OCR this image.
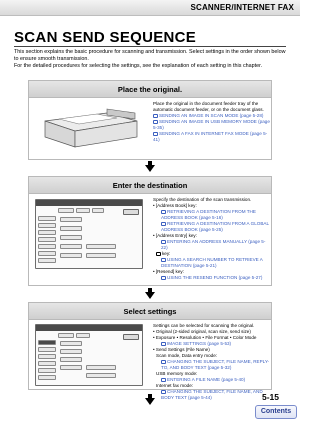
SCANNER/INTERNET FAX
SCAN SEND SEQUENCE
This section explains the basic procedure for scanning and transmission. Select settings in the order shown below to ensure smooth transmission.
For the detailed procedures for selecting the settings, see the explanation of each setting in this chapter.
Place the original.

Place the original in the document feeder tray of the automatic document feeder, or on the document glass.

SENDING AN IMAGE IN SCAN MODE (page 5-28)

SENDING AN IMAGE IN USB MEMORY MODE (page 5-35)

SENDING A FAX IN INTERNET FAX MODE (page 5-41)

Enter the destination

Specify the destination of the scan transmission.

• [Address Book] key:

RETRIEVING A DESTINATION FROM THE ADDRESS BOOK (page 5-16)

RETRIEVING A DESTINATION FROM A GLOBAL ADDRESS BOOK (page 5-25)

• [Address Entry] key:

ENTERING AN ADDRESS MANUALLY (page 5-22)

key:

USING A SEARCH NUMBER TO RETRIEVE A DESTINATION (page 5-21)

• [Resend] key:

USING THE RESEND FUNCTION (page 5-27)

Select settings

Settings can be selected for scanning the original.

• Original (2-sided original, scan size, send size)

• Exposure • Resolution • File Format • Color Mode

IMAGE SETTINGS (page 5-53)

• Send Settings (File Name)

Scan mode, Data entry mode:

CHANGING THE SUBJECT, FILE NAME, REPLY-TO, AND BODY TEXT (page 5-32)

USB memory mode:

ENTERING A FILE NAME (page 5-40)

Internet fax mode:

CHANGING THE SUBJECT, FILE NAME, AND BODY TEXT (page 5-44)	5-15
Contents
